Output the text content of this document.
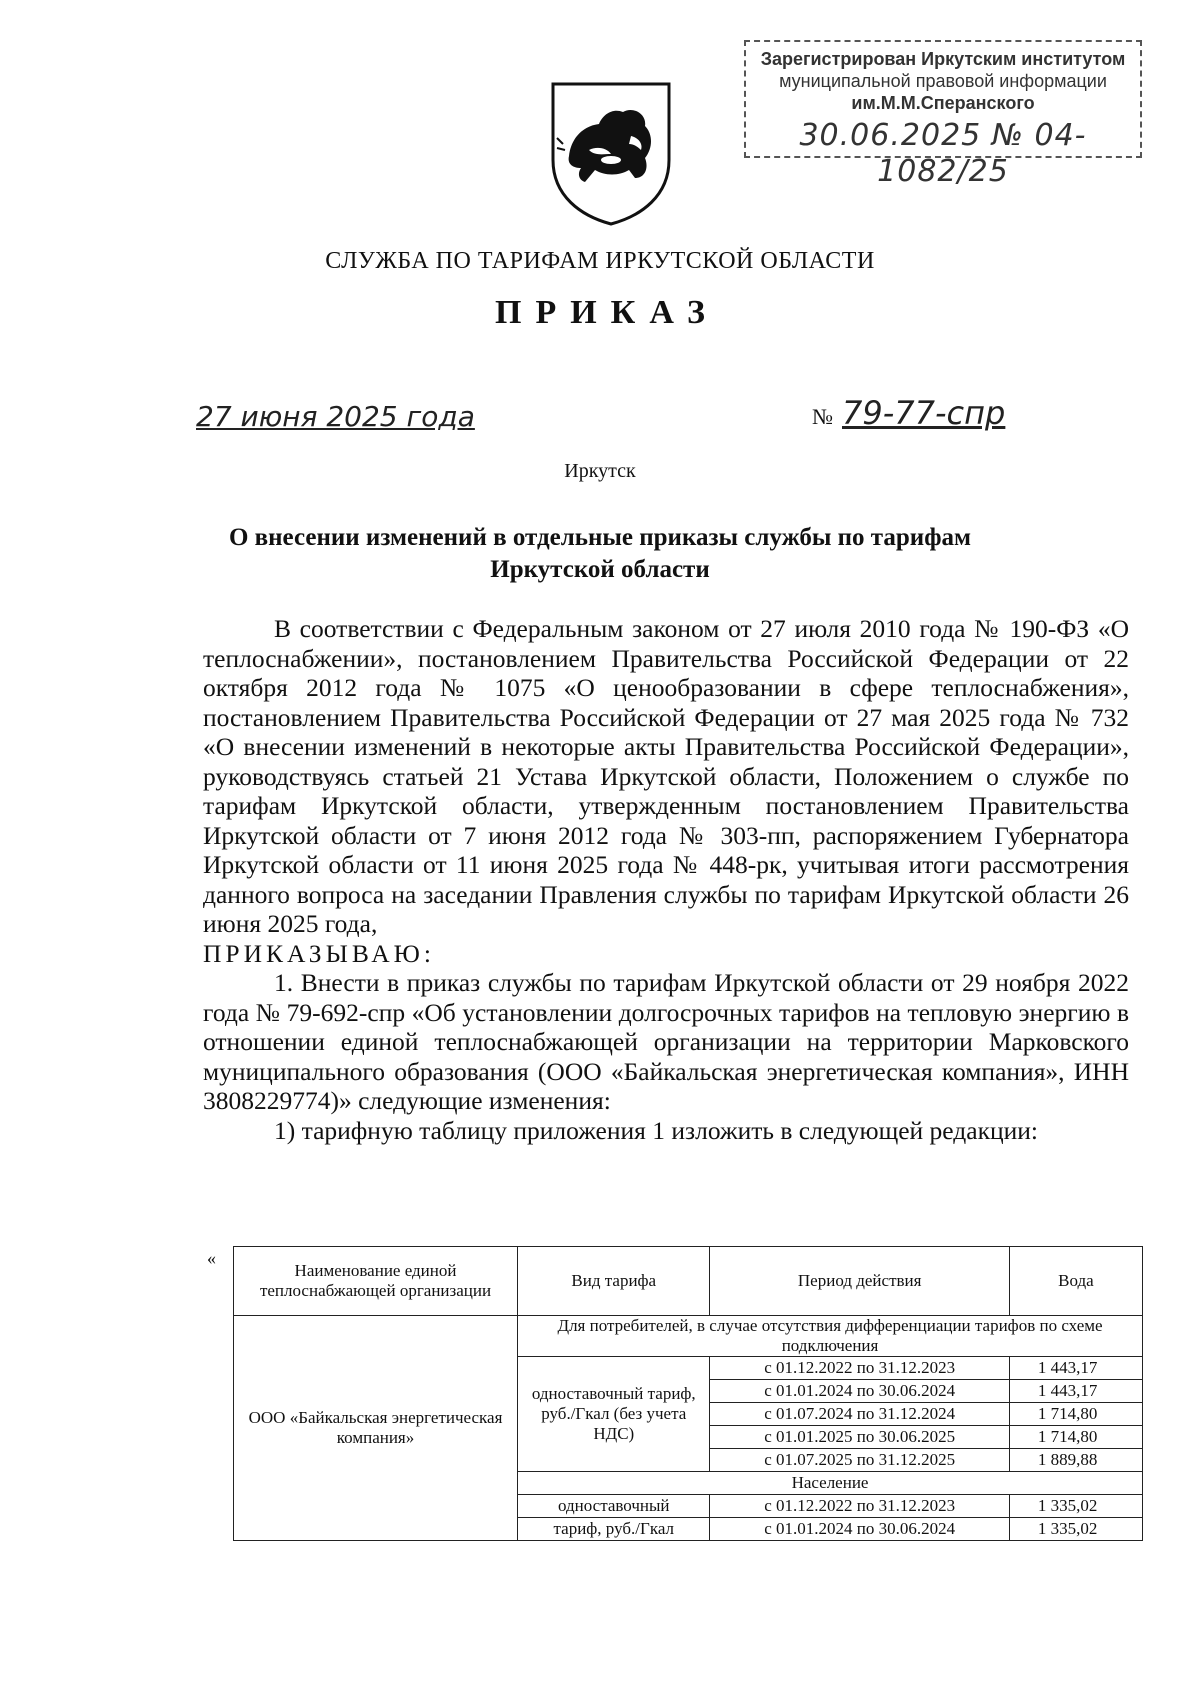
Зарегистрирован Иркутским институтом
муниципальной правовой информации
им.М.М.Сперанского
30.06.2025 № 04-1082/25
СЛУЖБА ПО ТАРИФАМ ИРКУТСКОЙ ОБЛАСТИ
ПРИКАЗ
27 июня 2025 года	№ 79-77-спр
Иркутск
О внесении изменений в отдельные приказы службы по тарифам
Иркутской области

В соответствии с Федеральным законом от 27 июля 2010 года № 190-ФЗ «О теплоснабжении», постановлением Правительства Российской Федерации от 22 октября 2012 года № 1075 «О ценообразовании в сфере теплоснабжения», постановлением Правительства Российской Федерации от 27 мая 2025 года № 732 «О внесении изменений в некоторые акты Правительства Российской Федерации», руководствуясь статьей 21 Устава Иркутской области, Положением о службе по тарифам Иркутской области, утвержденным постановлением Правительства Иркутской области от 7 июня 2012 года № 303-пп, распоряжением Губернатора Иркутской области от 11 июня 2025 года № 448-рк, учитывая итоги рассмотрения данного вопроса на заседании Правления службы по тарифам Иркутской области 26 июня 2025 года,

ПРИКАЗЫВАЮ:

1. Внести в приказ службы по тарифам Иркутской области от 29 ноября 2022 года № 79-692-спр «Об установлении долгосрочных тарифов на тепловую энергию в отношении единой теплоснабжающей организации на территории Марковского муниципального образования (ООО «Байкальская энергетическая компания», ИНН 3808229774)» следующие изменения:

1) тарифную таблицу приложения 1 изложить в следующей редакции:

«
Наименование единой теплоснабжающей организации	Вид тарифа	Период действия	Вода
ООО «Байкальская энергетическая компания»	Для потребителей, в случае отсутствия дифференциации тарифов по схеме подключения		
	одноставочный тариф, руб./Гкал (без учета НДС)	с 01.12.2022 по 31.12.2023	1 443,17
		с 01.01.2024 по 30.06.2024	1 443,17
		с 01.07.2024 по 31.12.2024	1 714,80
		с 01.01.2025 по 30.06.2025	1 714,80
		с 01.07.2025 по 31.12.2025	1 889,88
	Население		
	одноставочный	с 01.12.2022 по 31.12.2023	1 335,02
	тариф, руб./Гкал	с 01.01.2024 по 30.06.2024	1 335,02
